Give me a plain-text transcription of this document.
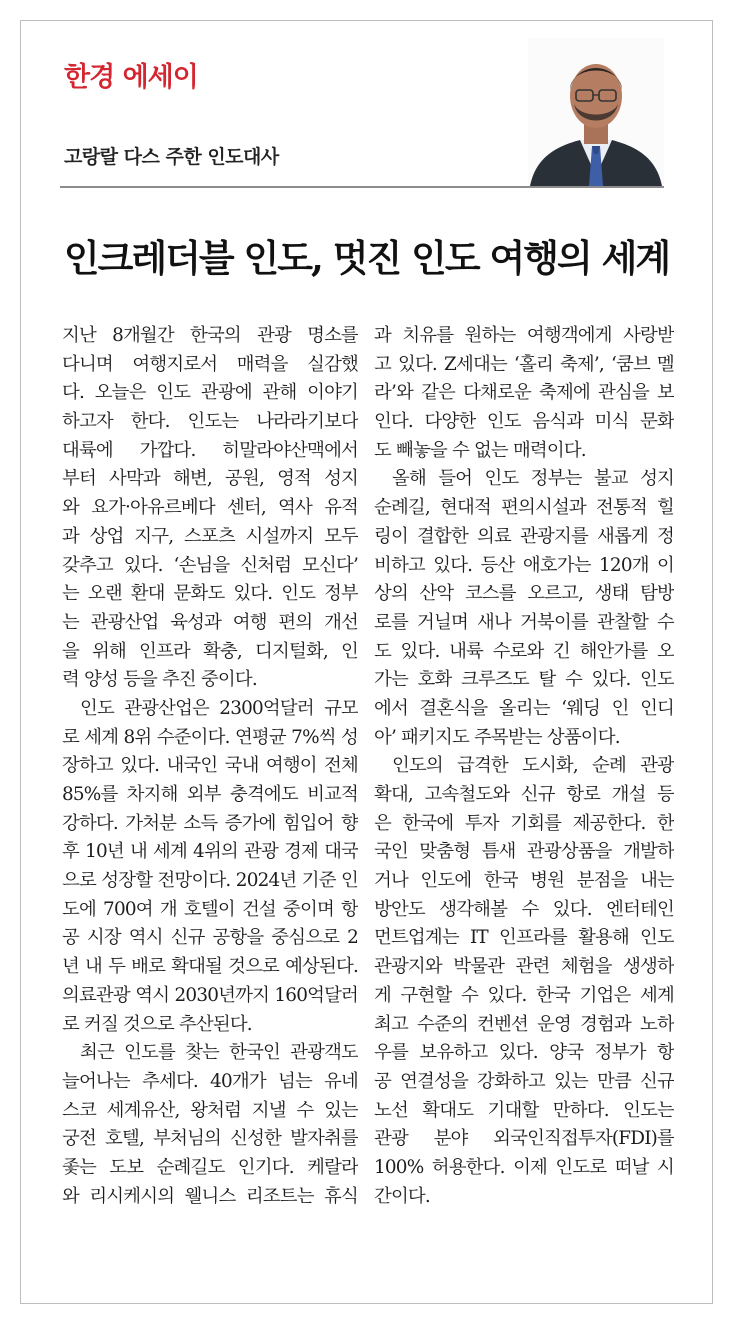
한경 에세이
고랑랄 다스 주한 인도대사
인크레더블 인도, 멋진 인도 여행의 세계
지난 8개월간 한국의 관광 명소를
다니며 여행지로서 매력을 실감했
다. 오늘은 인도 관광에 관해 이야기
하고자 한다. 인도는 나라라기보다
대륙에 가깝다. 히말라야산맥에서
부터 사막과 해변, 공원, 영적 성지
와 요가·아유르베다 센터, 역사 유적
과 상업 지구, 스포츠 시설까지 모두
갖추고 있다. ‘손님을 신처럼 모신다’
는 오랜 환대 문화도 있다. 인도 정부
는 관광산업 육성과 여행 편의 개선
을 위해 인프라 확충, 디지털화, 인
력 양성 등을 추진 중이다.
인도 관광산업은 2300억달러 규모
로 세계 8위 수준이다. 연평균 7%씩 성
장하고 있다. 내국인 국내 여행이 전체
85%를 차지해 외부 충격에도 비교적
강하다. 가처분 소득 증가에 힘입어 향
후 10년 내 세계 4위의 관광 경제 대국
으로 성장할 전망이다. 2024년 기준 인
도에 700여 개 호텔이 건설 중이며 항
공 시장 역시 신규 공항을 중심으로 2
년 내 두 배로 확대될 것으로 예상된다.
의료관광 역시 2030년까지 160억달러
로 커질 것으로 추산된다.
최근 인도를 찾는 한국인 관광객도
늘어나는 추세다. 40개가 넘는 유네
스코 세계유산, 왕처럼 지낼 수 있는
궁전 호텔, 부처님의 신성한 발자취를
좇는 도보 순례길도 인기다. 케랄라
와 리시케시의 웰니스 리조트는 휴식
과 치유를 원하는 여행객에게 사랑받
고 있다. Z세대는 ‘홀리 축제’, ‘쿰브 멜
라’와 같은 다채로운 축제에 관심을 보
인다. 다양한 인도 음식과 미식 문화
도 빼놓을 수 없는 매력이다.
올해 들어 인도 정부는 불교 성지
순례길, 현대적 편의시설과 전통적 힐
링이 결합한 의료 관광지를 새롭게 정
비하고 있다. 등산 애호가는 120개 이
상의 산악 코스를 오르고, 생태 탐방
로를 거닐며 새나 거북이를 관찰할 수
도 있다. 내륙 수로와 긴 해안가를 오
가는 호화 크루즈도 탈 수 있다. 인도
에서 결혼식을 올리는 ‘웨딩 인 인디
아’ 패키지도 주목받는 상품이다.
인도의 급격한 도시화, 순례 관광
확대, 고속철도와 신규 항로 개설 등
은 한국에 투자 기회를 제공한다. 한
국인 맞춤형 틈새 관광상품을 개발하
거나 인도에 한국 병원 분점을 내는
방안도 생각해볼 수 있다. 엔터테인
먼트업계는 IT 인프라를 활용해 인도
관광지와 박물관 관련 체험을 생생하
게 구현할 수 있다. 한국 기업은 세계
최고 수준의 컨벤션 운영 경험과 노하
우를 보유하고 있다. 양국 정부가 항
공 연결성을 강화하고 있는 만큼 신규
노선 확대도 기대할 만하다. 인도는
관광 분야 외국인직접투자(FDI)를
100% 허용한다. 이제 인도로 떠날 시
간이다.
